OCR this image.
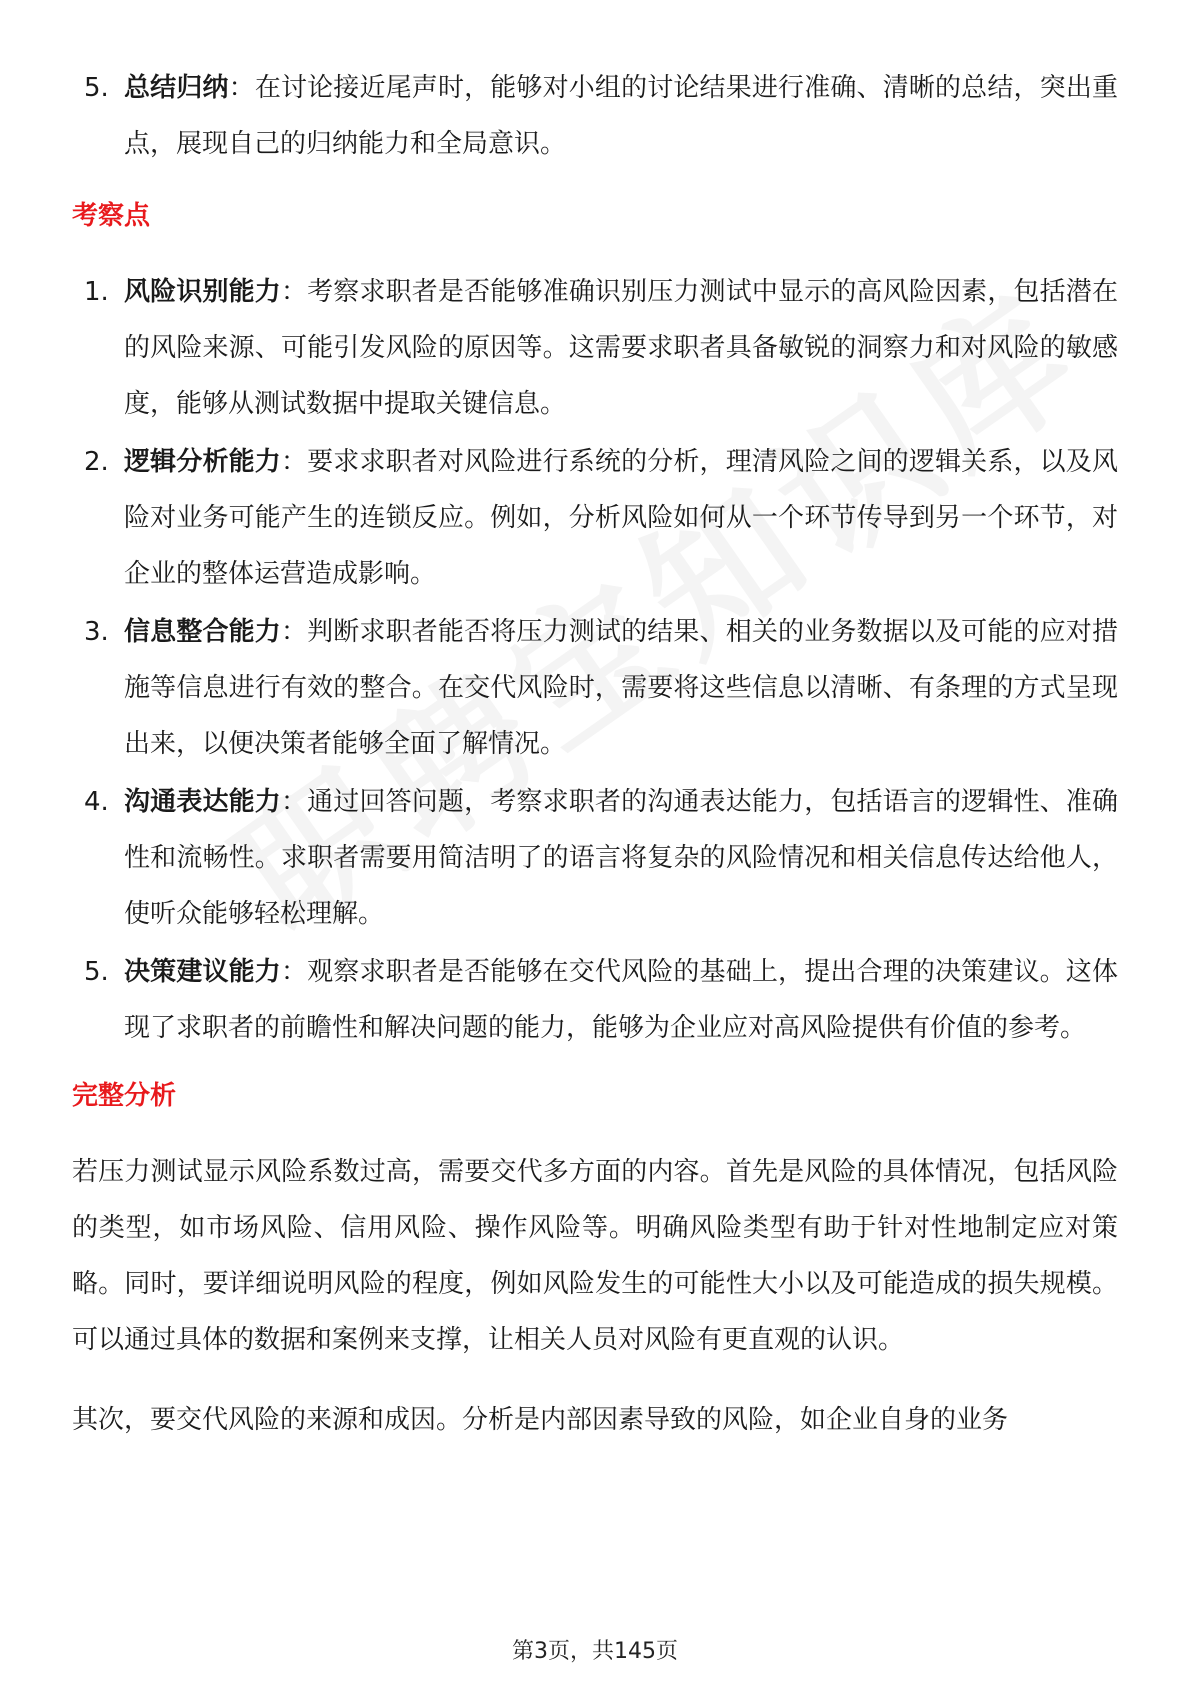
5. 总结归纳：在讨论接近尾声时，能够对小组的讨论结果进行准确、清晰的总结，突出重点，展现自己的归纳能力和全局意识。
考察点
1. 风险识别能力：考察求职者是否能够准确识别压力测试中显示的高风险因素，包括潜在的风险来源、可能引发风险的原因等。这需要求职者具备敏锐的洞察力和对风险的敏感度，能够从测试数据中提取关键信息。
2. 逻辑分析能力：要求求职者对风险进行系统的分析，理清风险之间的逻辑关系，以及风险对业务可能产生的连锁反应。例如，分析风险如何从一个环节传导到另一个环节，对企业的整体运营造成影响。
3. 信息整合能力：判断求职者能否将压力测试的结果、相关的业务数据以及可能的应对措施等信息进行有效的整合。在交代风险时，需要将这些信息以清晰、有条理的方式呈现出来，以便决策者能够全面了解情况。
4. 沟通表达能力：通过回答问题，考察求职者的沟通表达能力，包括语言的逻辑性、准确性和流畅性。求职者需要用简洁明了的语言将复杂的风险情况和相关信息传达给他人，使听众能够轻松理解。
5. 决策建议能力：观察求职者是否能够在交代风险的基础上，提出合理的决策建议。这体现了求职者的前瞻性和解决问题的能力，能够为企业应对高风险提供有价值的参考。
完整分析

若压力测试显示风险系数过高，需要交代多方面的内容。首先是风险的具体情况，包括风险的类型，如市场风险、信用风险、操作风险等。明确风险类型有助于针对性地制定应对策略。同时，要详细说明风险的程度，例如风险发生的可能性大小以及可能造成的损失规模。可以通过具体的数据和案例来支撑，让相关人员对风险有更直观的认识。

其次，要交代风险的来源和成因。分析是内部因素导致的风险，如企业自身的业务

第3页，共145页
